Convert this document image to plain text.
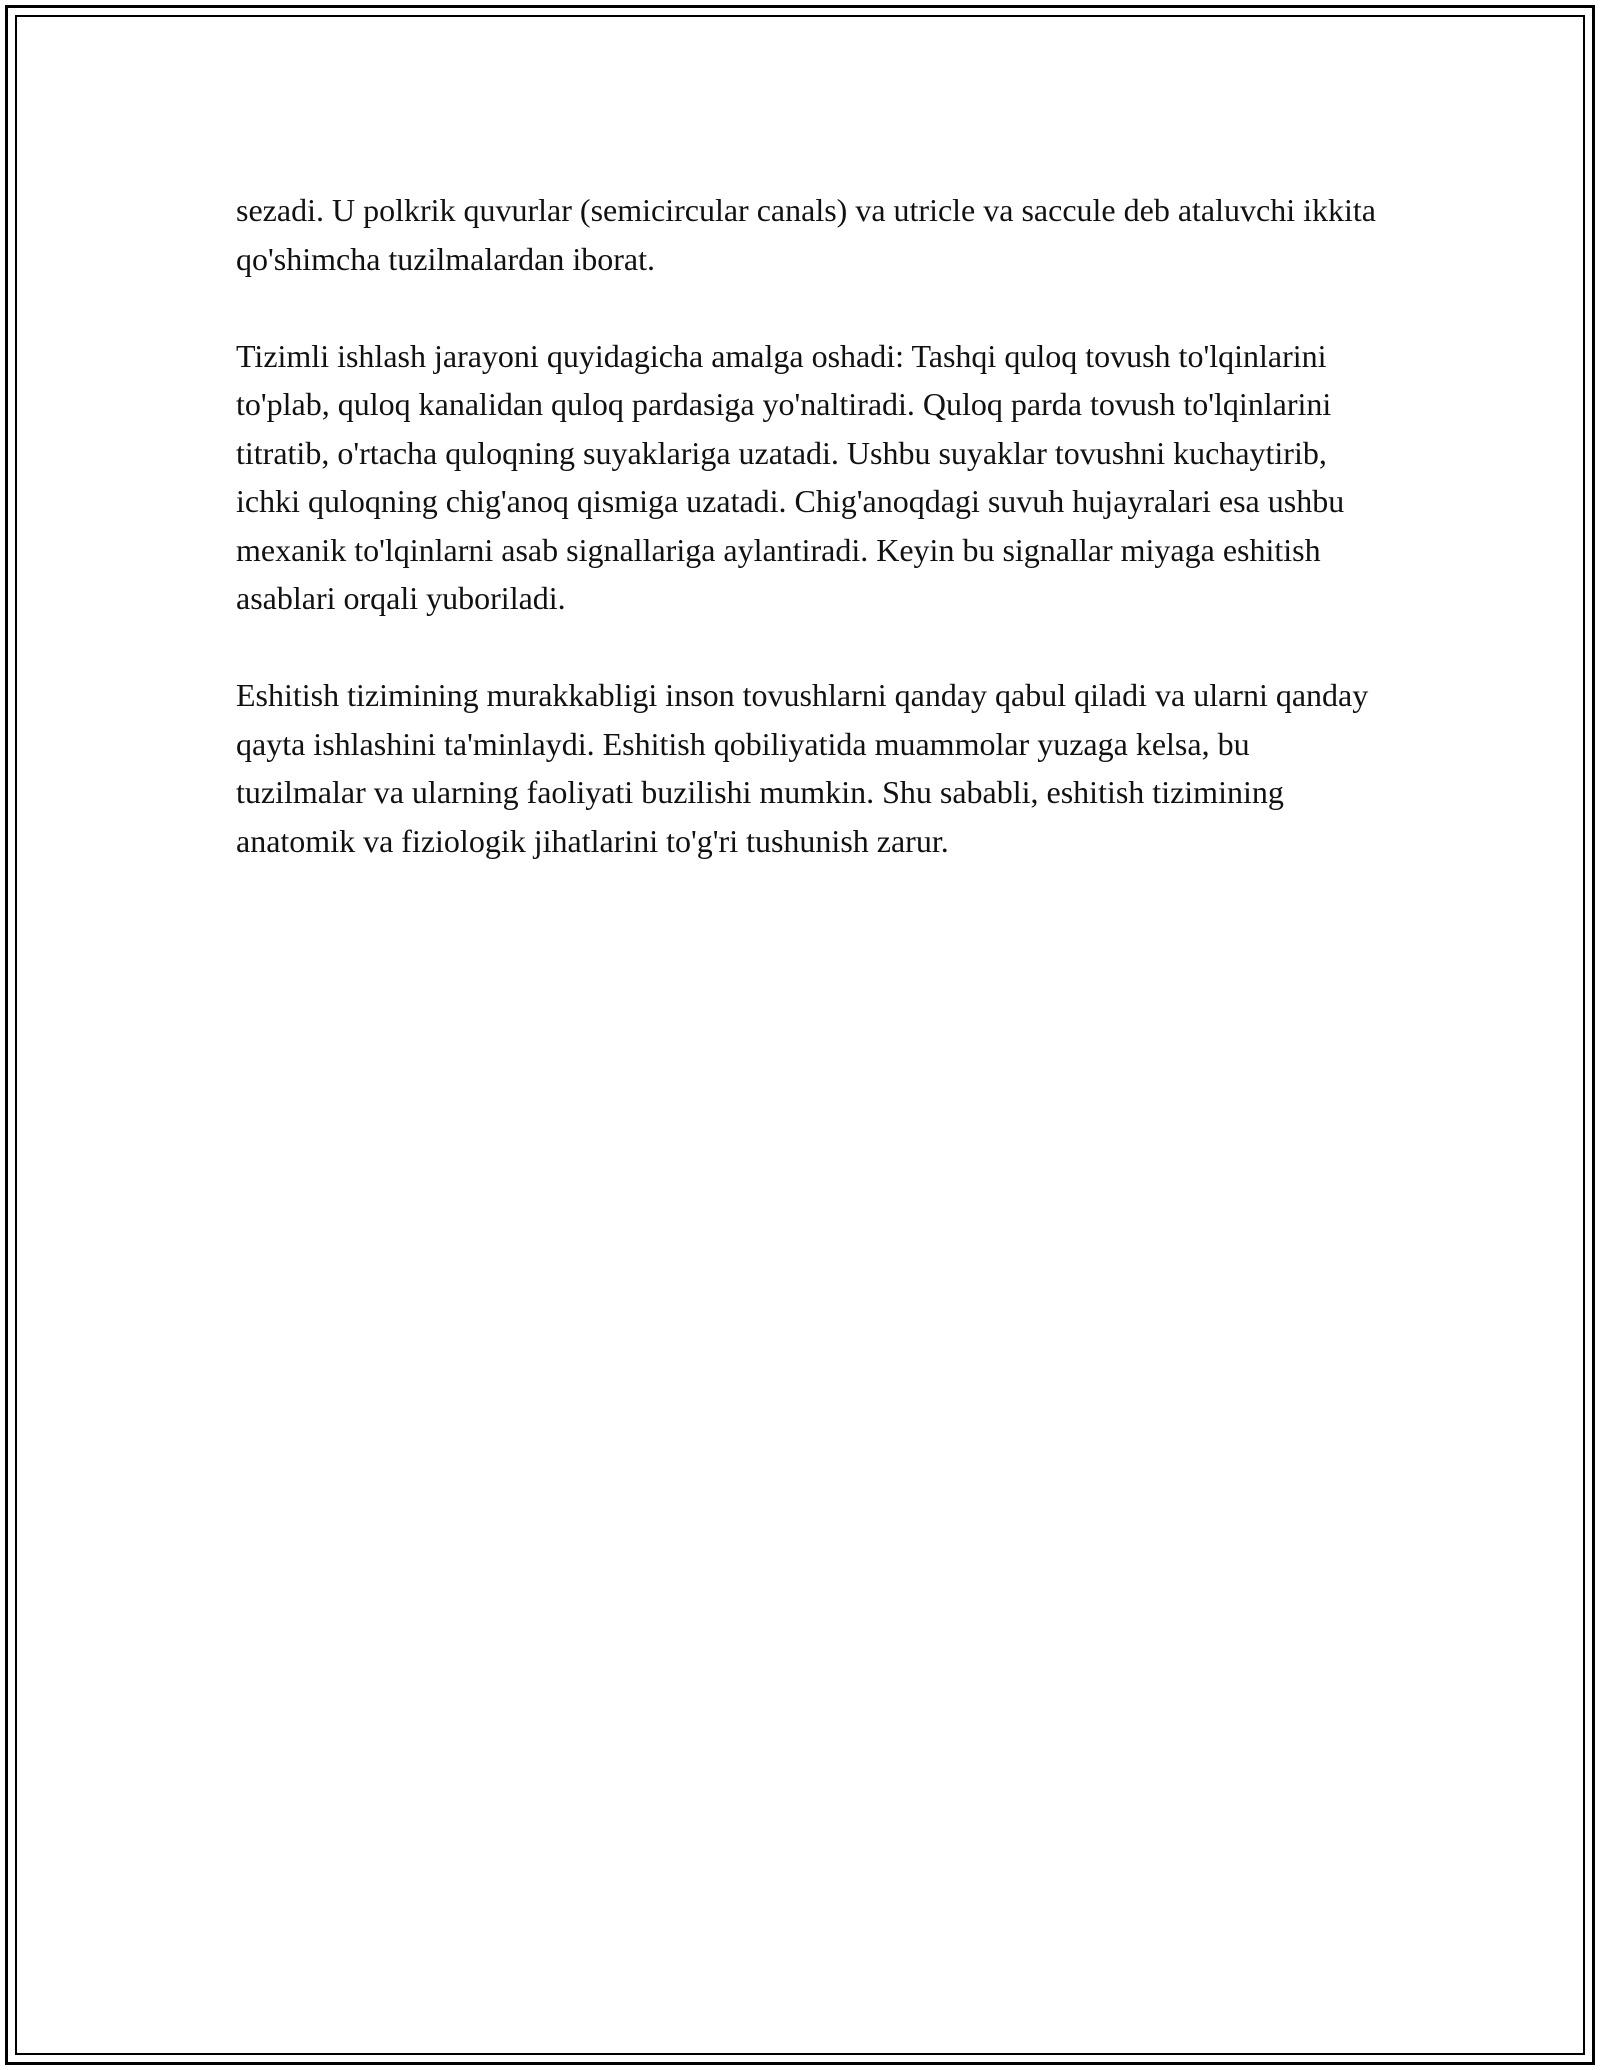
sezadi. U polkrik quvurlar (semicircular canals) va utricle va saccule deb ataluvchi ikkita qo'shimcha tuzilmalardan iborat.

Tizimli ishlash jarayoni quyidagicha amalga oshadi: Tashqi quloq tovush to'lqinlarini to'plab, quloq kanalidan quloq pardasiga yo'naltiradi. Quloq parda tovush to'lqinlarini titratib, o'rtacha quloqning suyaklariga uzatadi. Ushbu suyaklar tovushni kuchaytirib, ichki quloqning chig'anoq qismiga uzatadi. Chig'anoqdagi suvuh hujayralari esa ushbu mexanik to'lqinlarni asab signallariga aylantiradi. Keyin bu signallar miyaga eshitish asablari orqali yuboriladi.

Eshitish tizimining murakkabligi inson tovushlarni qanday qabul qiladi va ularni qanday qayta ishlashini ta'minlaydi. Eshitish qobiliyatida muammolar yuzaga kelsa, bu tuzilmalar va ularning faoliyati buzilishi mumkin. Shu sababli, eshitish tizimining anatomik va fiziologik jihatlarini to'g'ri tushunish zarur.
